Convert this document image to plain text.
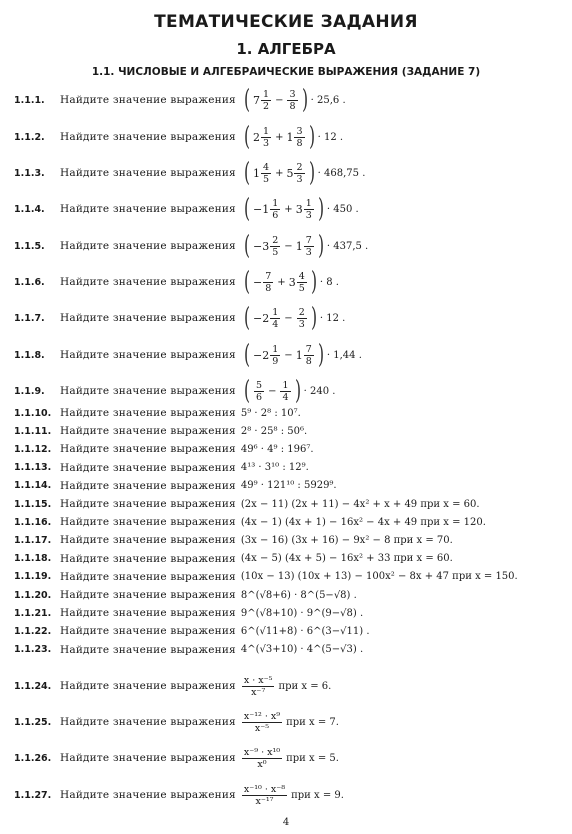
ТЕМАТИЧЕСКИЕ ЗАДАНИЯ
1. АЛГЕБРА
1.1. ЧИСЛОВЫЕ И АЛГЕБРАИЧЕСКИЕ ВЫРАЖЕНИЯ (ЗАДАНИЕ 7)
1.1.1.	Найдите значение выражения ( $7 \frac{1}{2} - \frac{3}{8}$ ) · 25,6 .
1.1.2.	Найдите значение выражения ( $2 \frac{1}{3} + 1 \frac{3}{8}$ ) · 12 .
1.1.3.	Найдите значение выражения ( $1 \frac{4}{5} + 5 \frac{2}{3}$ ) · 468,75 .
1.1.4.	Найдите значение выражения ( $-1 \frac{1}{6} + 3 \frac{1}{3}$ ) · 450 .
1.1.5.	Найдите значение выражения ( $-3 \frac{2}{5} - 1 \frac{7}{3}$ ) · 437,5 .
1.1.6.	Найдите значение выражения ( − $\frac{7}{8} + 3 \frac{4}{5}$ ) · 8 .
1.1.7.	Найдите значение выражения ( $-2 \frac{1}{4} - \frac{2}{3}$ ) · 12 .
1.1.8.	Найдите значение выражения ( $-2 \frac{1}{9} - 1 \frac{7}{8}$ ) · 1,44 .
1.1.9.	Найдите значение выражения ( $\frac{5}{6} - \frac{1}{4}$ ) · 240 .
1.1.10. Найдите значение выражения 5⁹ · 2⁸ : 10⁷.
1.1.11. Найдите значение выражения 2⁸ · 25⁸ : 50⁶.
1.1.12. Найдите значение выражения 49⁶ · 4⁹ : 196⁷.
1.1.13. Найдите значение выражения 4¹³ · 3¹⁰ : 12⁹.
1.1.14. Найдите значение выражения 49⁹ · 121¹⁰ : 5929⁹.
1.1.15. Найдите значение выражения (2x − 11) (2x + 11) − 4x² + x + 49 при x = 60.
1.1.16. Найдите значение выражения (4x − 1) (4x + 1) − 16x² − 4x + 49 при x = 120.
1.1.17. Найдите значение выражения (3x − 16) (3x + 16) − 9x² − 8 при x = 70.
1.1.18. Найдите значение выражения (4x − 5) (4x + 5) − 16x² + 33 при x = 60.
1.1.19. Найдите значение выражения (10x − 13) (10x + 13) − 100x² − 8x + 47 при x = 150.
1.1.20. Найдите значение выражения 8^(√8+6) · 8^(5−√8) .
1.1.21. Найдите значение выражения 9^(√8+10) · 9^(9−√8) .
1.1.22. Найдите значение выражения 6^(√11+8) · 6^(3−√11) .
1.1.23. Найдите значение выражения 4^(√3+10) · 4^(5−√3) .
1.1.24. Найдите значение выражения $\frac{\text{x · x⁻⁵}}{\text{x⁻⁷}}$ при x = 6.
1.1.25. Найдите значение выражения $\frac{\text{x⁻¹² · x⁹}}{\text{x⁻⁵}}$ при x = 7.
1.1.26. Найдите значение выражения $\frac{\text{x⁻⁹ · x¹⁰}}{\text{x⁰}}$ при x = 5.
1.1.27. Найдите значение выражения $\frac{\text{x⁻¹⁰ · x⁻⁸}}{\text{x⁻¹⁷}}$ при x = 9.
4
